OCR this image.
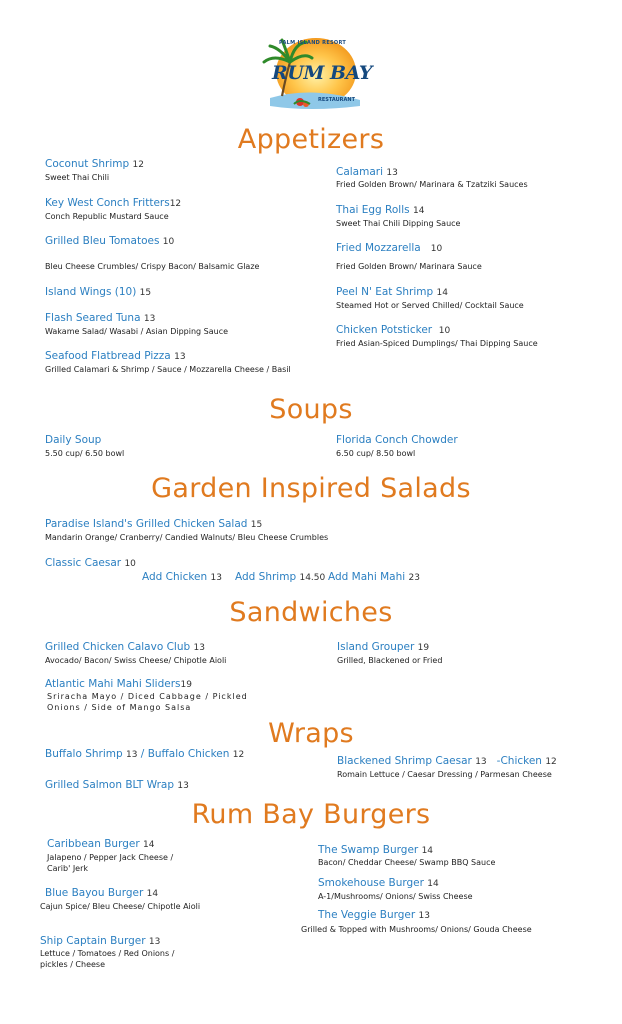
PALM ISLAND RESORT
RUM BAY
RESTAURANT
Appetizers
Coconut Shrimp 12
Sweet Thai Chili
Key West Conch Fritters12
Conch Republic Mustard Sauce
Grilled Bleu Tomatoes 10
Bleu Cheese Crumbles/ Crispy Bacon/ Balsamic Glaze
Island Wings (10) 15
Flash Seared Tuna 13
Wakame Salad/ Wasabi / Asian Dipping Sauce
Seafood Flatbread Pizza 13
Grilled Calamari & Shrimp / Sauce / Mozzarella Cheese / Basil
Calamari 13
Fried Golden Brown/ Marinara & Tzatziki Sauces
Thai Egg Rolls 14
Sweet Thai Chili Dipping Sauce
Fried Mozzarella 10
Fried Golden Brown/ Marinara Sauce
Peel N' Eat Shrimp 14
Steamed Hot or Served Chilled/ Cocktail Sauce
Chicken Potsticker 10
Fried Asian-Spiced Dumplings/ Thai Dipping Sauce
Soups
Daily Soup
5.50 cup/ 6.50 bowl
Florida Conch Chowder
6.50 cup/ 8.50 bowl
Garden Inspired Salads
Paradise Island's Grilled Chicken Salad 15
Mandarin Orange/ Cranberry/ Candied Walnuts/ Bleu Cheese Crumbles
Classic Caesar 10
Add Chicken 13 Add Shrimp 14.50 Add Mahi Mahi 23
Sandwiches
Grilled Chicken Calavo Club 13
Avocado/ Bacon/ Swiss Cheese/ Chipotle Aioli
Island Grouper 19
Grilled, Blackened or Fried
Atlantic Mahi Mahi Sliders19
Sriracha Mayo / Diced Cabbage / Pickled
Onions / Side of Mango Salsa
Wraps
Buffalo Shrimp 13 / Buffalo Chicken 12	Blackened Shrimp Caesar 13 -Chicken 12
Romain Lettuce / Caesar Dressing / Parmesan Cheese
Grilled Salmon BLT Wrap 13
Rum Bay Burgers
Caribbean Burger 14
Jalapeno / Pepper Jack Cheese / Carib' Jerk
Blue Bayou Burger 14
Cajun Spice/ Bleu Cheese/ Chipotle Aioli
Ship Captain Burger 13
Lettuce / Tomatoes / Red Onions / pickles / Cheese
The Swamp Burger 14
Bacon/ Cheddar Cheese/ Swamp BBQ Sauce
Smokehouse Burger 14
A-1/Mushrooms/ Onions/ Swiss Cheese
The Veggie Burger 13
Grilled & Topped with Mushrooms/ Onions/ Gouda Cheese
